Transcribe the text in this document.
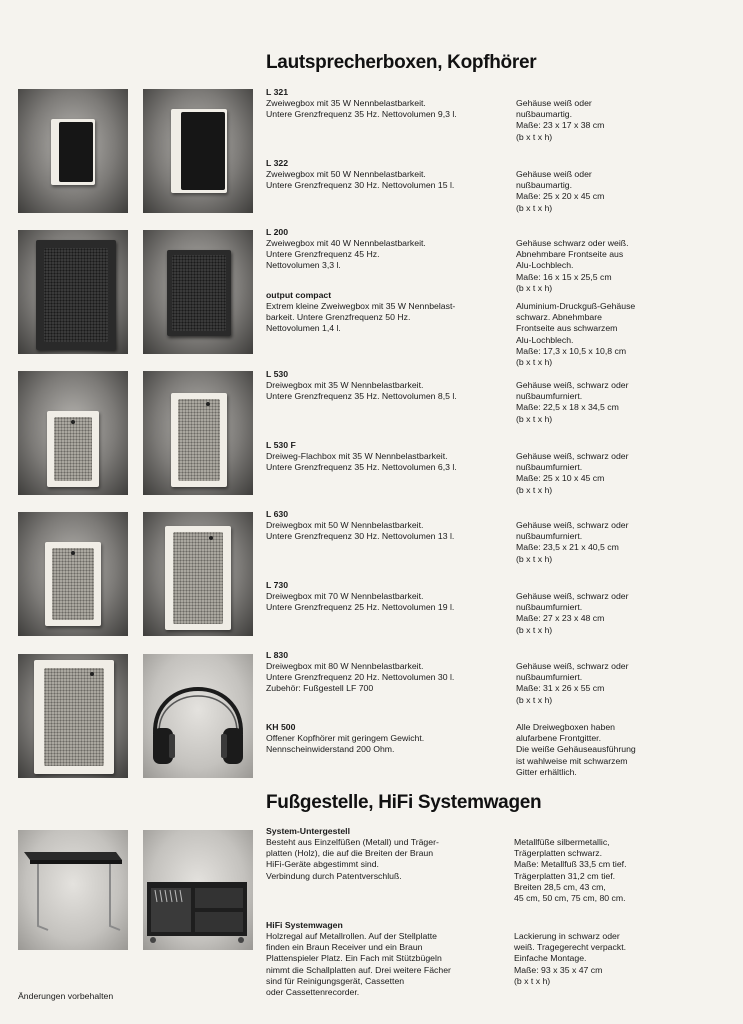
Lautsprecherboxen, Kopfhörer
Fußgestelle, HiFi Systemwagen
L 321
Zweiwegbox mit 35 W Nennbelastbarkeit.
Untere Grenzfrequenz 35 Hz. Nettovolumen 9,3 l.
Gehäuse weiß oder
nußbaumartig.
Maße: 23 x 17 x 38 cm
(b x t x h)
L 322
Zweiwegbox mit 50 W Nennbelastbarkeit.
Untere Grenzfrequenz 30 Hz. Nettovolumen 15 l.
Gehäuse weiß oder
nußbaumartig.
Maße: 25 x 20 x 45 cm
(b x t x h)
L 200
Zweiwegbox mit 40 W Nennbelastbarkeit.
Untere Grenzfrequenz 45 Hz.
Nettovolumen 3,3 l.
Gehäuse schwarz oder weiß.
Abnehmbare Frontseite aus
Alu-Lochblech.
Maße: 16 x 15 x 25,5 cm
(b x t x h)
output compact
Extrem kleine Zweiwegbox mit 35 W Nennbelast-
barkeit. Untere Grenzfrequenz 50 Hz.
Nettovolumen 1,4 l.
Aluminium-Druckguß-Gehäuse
schwarz. Abnehmbare
Frontseite aus schwarzem
Alu-Lochblech.
Maße: 17,3 x 10,5 x 10,8 cm
(b x t x h)
L 530
Dreiwegbox mit 35 W Nennbelastbarkeit.
Untere Grenzfrequenz 35 Hz. Nettovolumen 8,5 l.
Gehäuse weiß, schwarz oder
nußbaumfurniert.
Maße: 22,5 x 18 x 34,5 cm
(b x t x h)
L 530 F
Dreiweg-Flachbox mit 35 W Nennbelastbarkeit.
Untere Grenzfrequenz 35 Hz. Nettovolumen 6,3 l.
Gehäuse weiß, schwarz oder
nußbaumfurniert.
Maße: 25 x 10 x 45 cm
(b x t x h)
L 630
Dreiwegbox mit 50 W Nennbelastbarkeit.
Untere Grenzfrequenz 30 Hz. Nettovolumen 13 l.
Gehäuse weiß, schwarz oder
nußbaumfurniert.
Maße: 23,5 x 21 x 40,5 cm
(b x t x h)
L 730
Dreiwegbox mit 70 W Nennbelastbarkeit.
Untere Grenzfrequenz 25 Hz. Nettovolumen 19 l.
Gehäuse weiß, schwarz oder
nußbaumfurniert.
Maße: 27 x 23 x 48 cm
(b x t x h)
L 830
Dreiwegbox mit 80 W Nennbelastbarkeit.
Untere Grenzfrequenz 20 Hz. Nettovolumen 30 l.
Zubehör: Fußgestell LF 700
Gehäuse weiß, schwarz oder
nußbaumfurniert.
Maße: 31 x 26 x 55 cm
(b x t x h)
KH 500
Offener Kopfhörer mit geringem Gewicht.
Nennscheinwiderstand 200 Ohm.
Alle Dreiwegboxen haben
alufarbene Frontgitter.
Die weiße Gehäuseausführung
ist wahlweise mit schwarzem
Gitter erhältlich.
System-Untergestell
Besteht aus Einzelfüßen (Metall) und Träger-
platten (Holz), die auf die Breiten der Braun
HiFi-Geräte abgestimmt sind.
Verbindung durch Patentverschluß.
Metallfüße silbermetallic,
Trägerplatten schwarz.
Maße: Metallfuß 33,5 cm tief.
Trägerplatten 31,2 cm tief.
Breiten 28,5 cm, 43 cm,
45 cm, 50 cm, 75 cm, 80 cm.
HiFi Systemwagen
Holzregal auf Metallrollen. Auf der Stellplatte
finden ein Braun Receiver und ein Braun
Plattenspieler Platz. Ein Fach mit Stützbügeln
nimmt die Schallplatten auf. Drei weitere Fächer
sind für Reinigungsgerät, Cassetten
oder Cassettenrecorder.
Lackierung in schwarz oder
weiß. Tragegerecht verpackt.
Einfache Montage.
Maße: 93 x 35 x 47 cm
(b x t x h)
Änderungen vorbehalten
